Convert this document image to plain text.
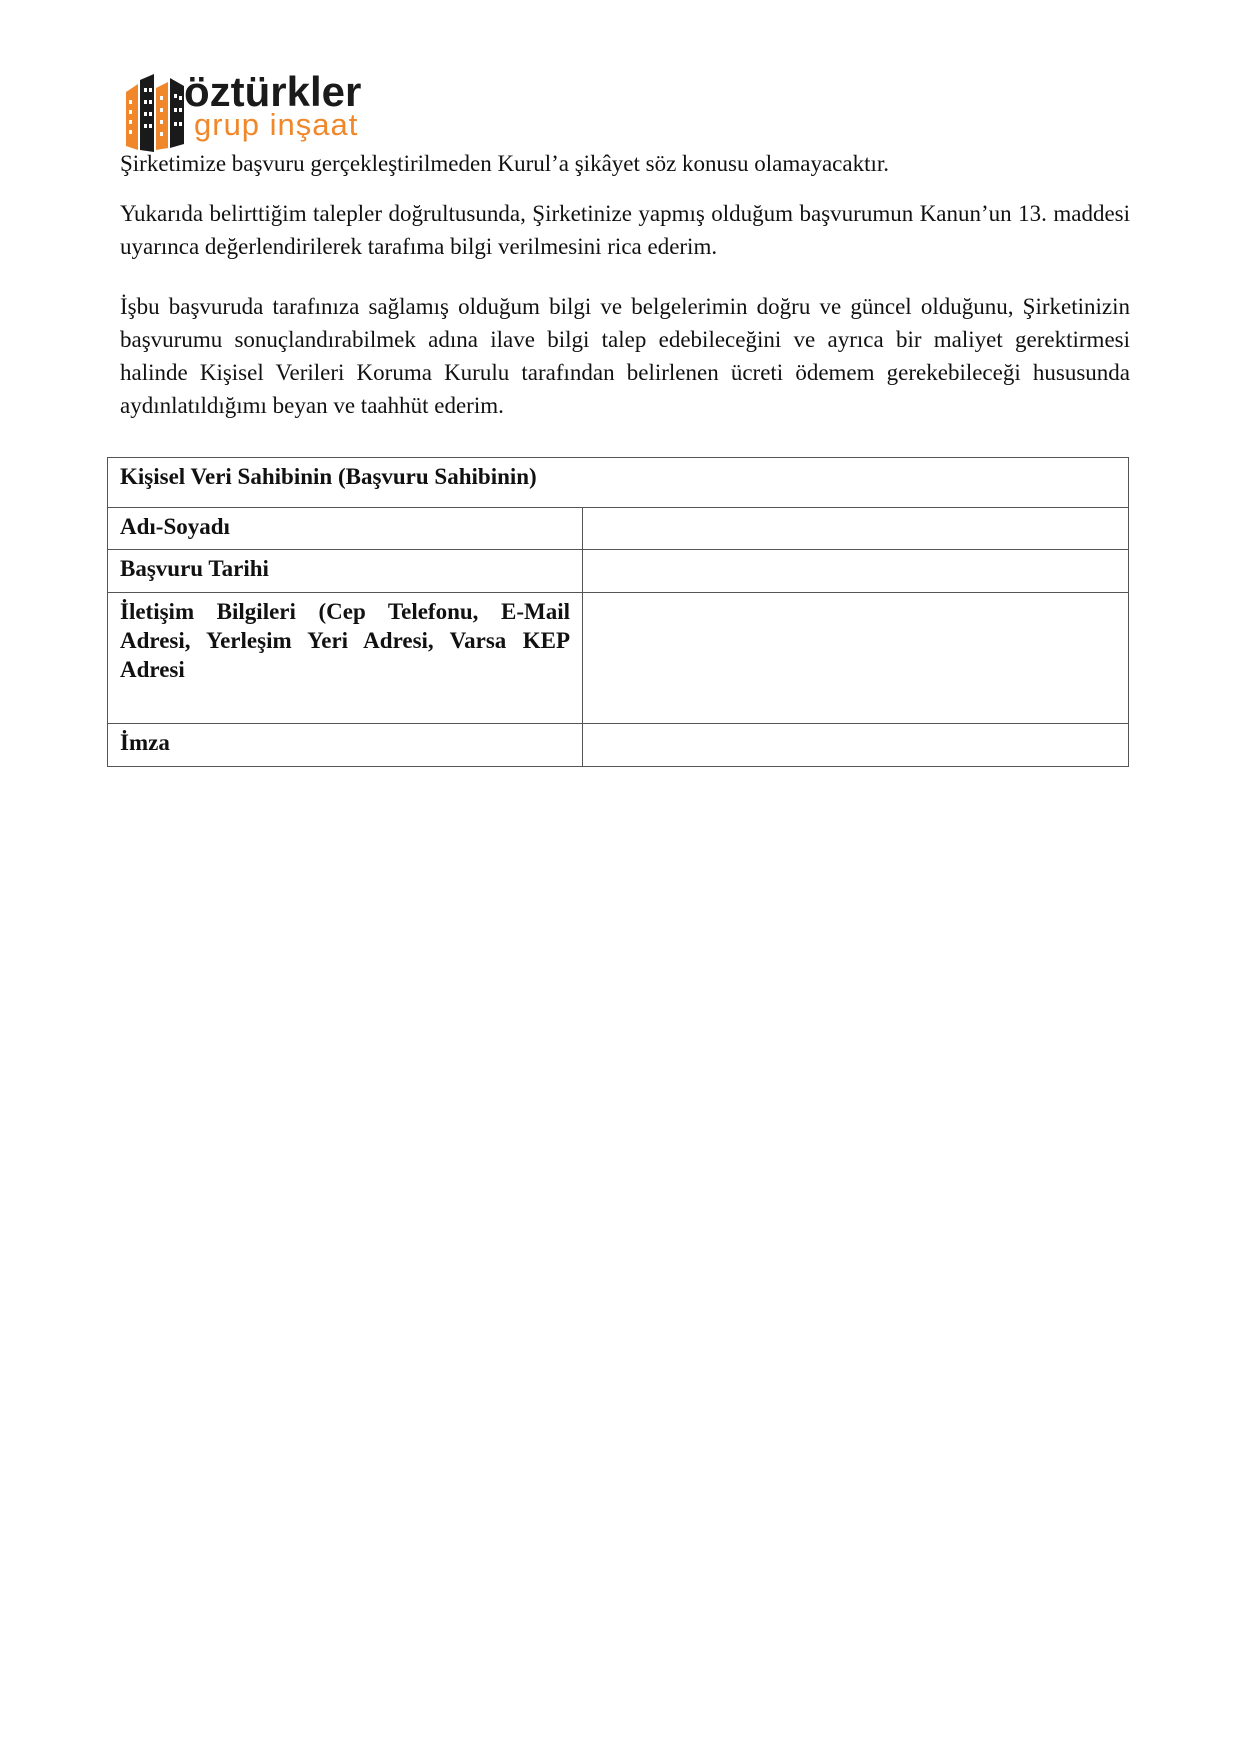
öztürkler
grup inşaat

Şirketimize başvuru gerçekleştirilmeden Kurul’a şikâyet söz konusu olamayacaktır.

Yukarıda belirttiğim talepler doğrultusunda, Şirketinize yapmış olduğum başvurumun Kanun’un 13. maddesi uyarınca değerlendirilerek tarafıma bilgi verilmesini rica ederim.

İşbu başvuruda tarafınıza sağlamış olduğum bilgi ve belgelerimin doğru ve güncel olduğunu, Şirketinizin başvurumu sonuçlandırabilmek adına ilave bilgi talep edebileceğini ve ayrıca bir maliyet gerektirmesi halinde Kişisel Verileri Koruma Kurulu tarafından belirlenen ücreti ödemem gerekebileceği hususunda aydınlatıldığımı beyan ve taahhüt ederim.

Kişisel Veri Sahibinin (Başvuru Sahibinin)	
Adı-Soyadı	
Başvuru Tarihi	
İletişim Bilgileri (Cep Telefonu, E-Mail Adresi, Yerleşim Yeri Adresi, Varsa KEP Adresi	
İmza	
